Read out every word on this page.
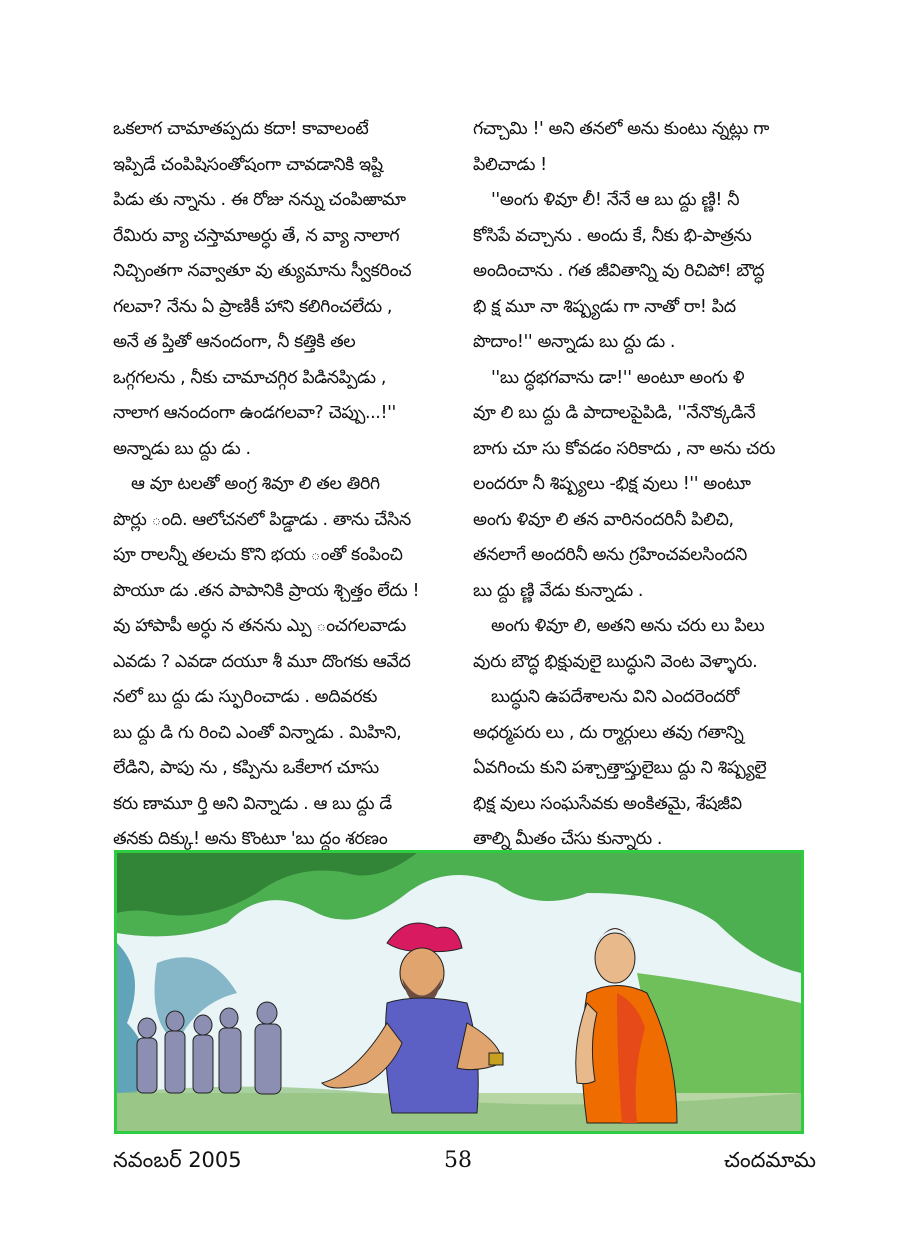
ఒకలాగ చామాతప్పదు కదా! కావాలంటే
ఇప్పిడే చంపిషిసంతోషంగా చావడానికి ఇష్టి
పిడు తు న్నాను . ఈ రోజు నన్ను చంపిఱామా
రేమిరు వ్యా చస్తామాఅర్ధు తే, న వ్యా నాలాగ
నిచ్చింతగా నవ్వాతూ వు త్యుమాను స్వీకరించ
గలవా? నేను ఏ ప్రాణికీ హాని కలిగించలేదు ,
అనే త ప్తితో ఆనందంగా, నీ కత్తికి తల
ఒగ్గగలను , నీకు చామాచగ్గిర పిడినప్పిడు ,
నాలాగ ఆనందంగా ఉండగలవా? చెప్పు...!''
అన్నాడు బు ద్దు డు .
ఆ వూ టలతో అంగ్ర శివూ లి తల తిరిగి
పొర్లు ంది. ఆలోచనలో పిడ్డాడు . తాను చేసిన
పూ రాలన్నీ తలచు కొని భయ ంతో కంపించి
పొయూ డు .తన పాపానికి ప్రాయ శ్చిత్తం లేదు !
వు హాపాపీ అర్ధు న తనను ఎ్పు ంచగలవాడు
ఎవడు ? ఎవడా దయూ శీ మూ దొంగకు ఆవేద
నలో బు ద్దు డు స్ఫురించాడు . అదివరకు
బు ద్దు డి గు రించి ఎంతో విన్నాడు . మిహిని,
లేడిని, పాపు ను , కప్పిను ఒకేలాగ చూసు
కరు ణామూ ర్తి అని విన్నాడు . ఆ బు ద్దు డే
తనకు దిక్కు! అను కొంటూ 'బు ద్ధం శరణం
గచ్చామి !' అని తనలో అను కుంటు న్నట్లు గా
పిలిచాడు !
''అంగు ళివూ లీ! నేనే ఆ బు ద్దు ణ్ణి! నీ
కోసిపే వచ్చాను . అందు కే, నీకు భి-పాత్రను
అందించాను . గత జీవితాన్ని వు రిచిపో! బౌద్ధ
భి క్ష మూ నా శిష్ప్యడు గా నాతో రా! పిద
పొదాం!'' అన్నాడు బు ద్దు డు .
''బు ద్ధభగవాను డా!'' అంటూ అంగు ళి
వూ లి బు ద్దు డి పాదాలపైపిడి, ''నేనొక్కడినే
బాగు చూ సు కోవడం సరికాదు , నా అను చరు
లందరూ నీ శిష్ప్యలు -భిక్ష వులు !'' అంటూ
అంగు ళివూ లి తన వారినందరినీ పిలిచి,
తనలాగే అందరినీ అను గ్రహించవలసిందని
బు ద్దు ణ్ణి వేడు కున్నాడు .
అంగు ళివూ లి, అతని అను చరు లు పిలు
వురు బౌద్ధ భిక్షువులై బుద్ధుని వెంట వెళ్ళారు.
బుద్ధుని ఉపదేశాలను విని ఎందరెందరో
అధర్మపరు లు , దు ర్మార్గులు తవు గతాన్ని
ఏవగించు కుని పశ్చాత్తాప్తులైబు ద్దు ని శిష్ప్యలై
భిక్ష వులు సంఘసేవకు అంకితమై, శేషజీవి
తాల్ని మీతం చేసు కున్నారు .
నవంబర్ 2005	58	చందమామ
